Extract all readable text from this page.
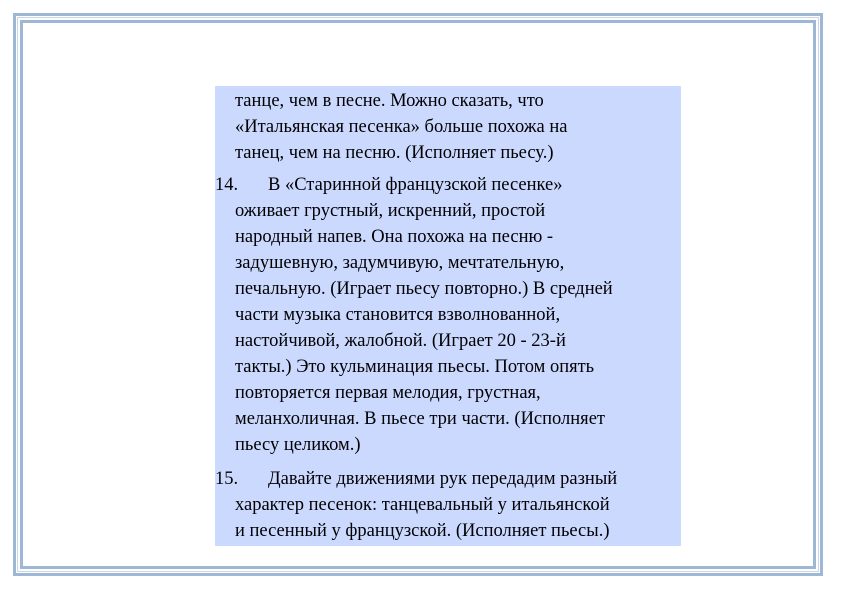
танце, чем в песне. Можно сказать, что
«Итальянская песенка» больше похожа на
танец, чем на песню. (Исполняет пьесу.)
14. В «Старинной французской песенке»
оживает грустный, искренний, простой
народный напев. Она похожа на песню -
задушевную, задумчивую, мечтательную,
печальную. (Играет пьесу повторно.) В средней
части музыка становится взволнованной,
настойчивой, жалобной. (Играет 20 - 23-й
такты.) Это кульминация пьесы. Потом опять
повторяется первая мелодия, грустная,
меланхоличная. В пьесе три части. (Исполняет
пьесу целиком.)
15. Давайте движениями рук передадим разный
характер песенок: танцевальный у итальянской
и песенный у французской. (Исполняет пьесы.)
